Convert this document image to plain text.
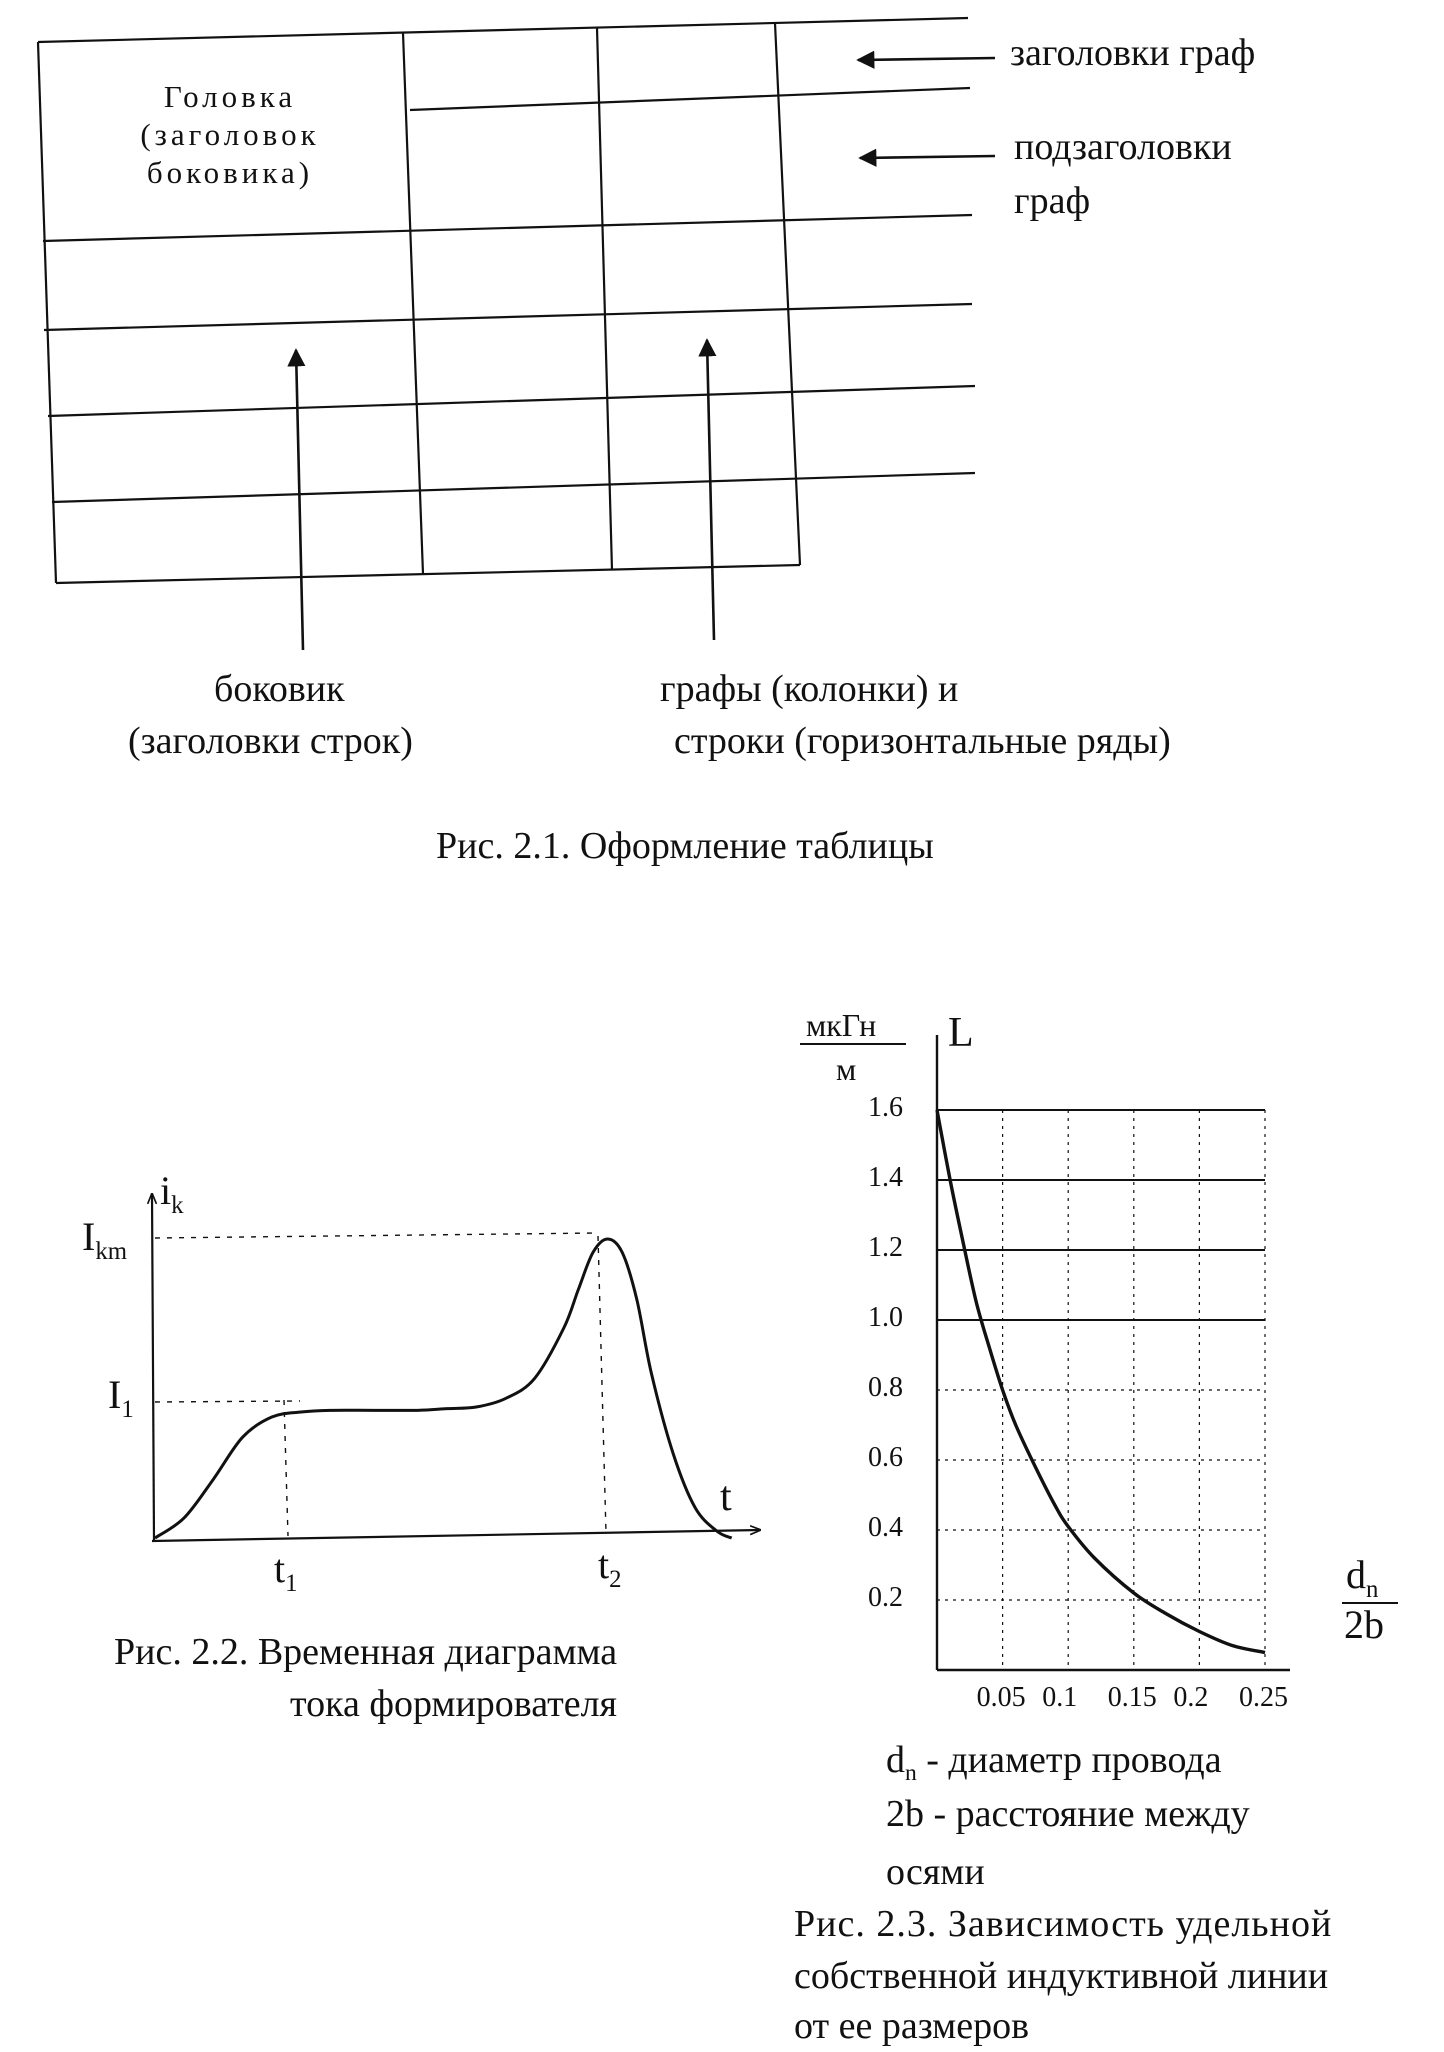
Головка
(заголовок
боковика)
заголовки граф
подзаголовки
граф
боковик
(заголовки строк)
графы (колонки) и
строки (горизонтальные ряды)
Рис. 2.1. Оформление таблицы
$i_k$
$I_{km}$
$I_1$
t
$t_1$	$t_2$
Рис. 2.2. Временная диаграмма
тока формирователя
мкГн
м
L
$d_n$
2b
0.2
0.4
0.6
0.8
1.0
1.2
1.4
1.6
0.05 0.1 0.15 0.2 0.25
$d_n$ - диаметр провода
2b - расстояние между
осями
Рис. 2.3. Зависимость удельной
собственной индуктивной линии
от ее размеров
